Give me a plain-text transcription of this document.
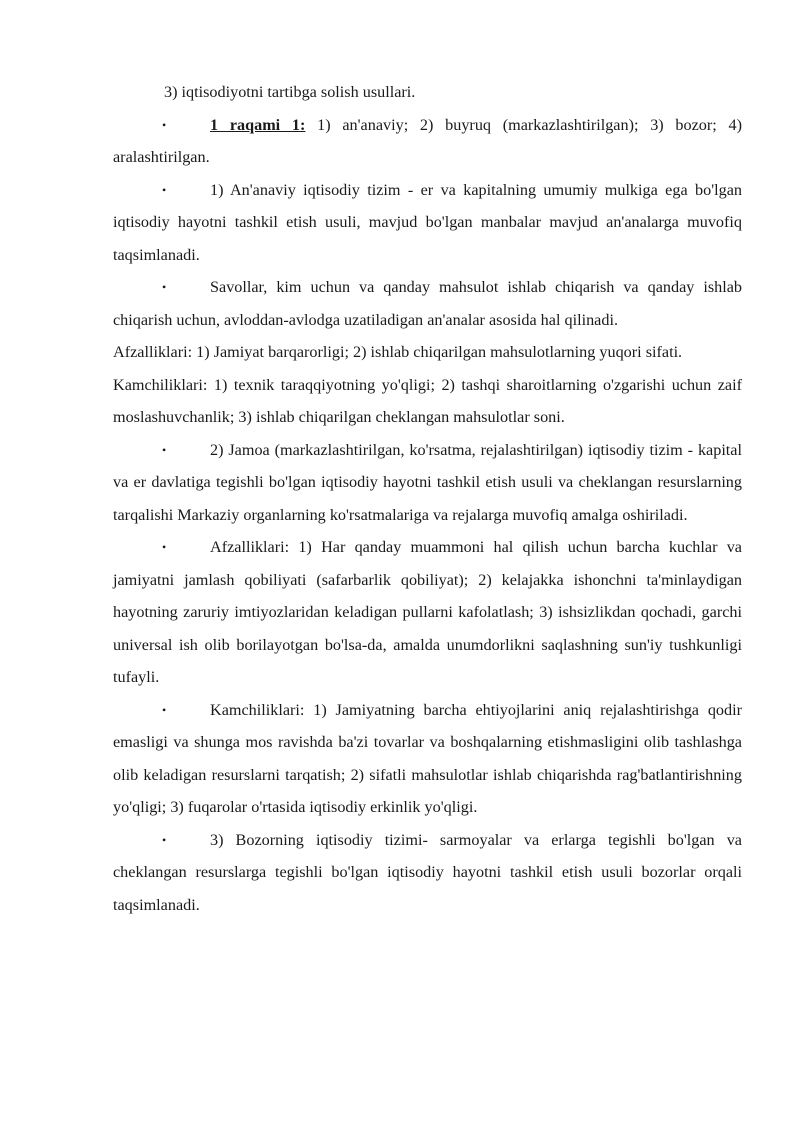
3) iqtisodiyotni tartibga solish usullari.

•	1 raqami 1: 1) an'anaviy; 2) buyruq (markazlashtirilgan); 3) bozor; 4) aralashtirilgan.

•	1) An'anaviy iqtisodiy tizim - er va kapitalning umumiy mulkiga ega bo'lgan iqtisodiy hayotni tashkil etish usuli, mavjud bo'lgan manbalar mavjud an'analarga muvofiq taqsimlanadi.

•	Savollar, kim uchun va qanday mahsulot ishlab chiqarish va qanday ishlab chiqarish uchun, avloddan-avlodga uzatiladigan an'analar asosida hal qilinadi.

Afzalliklari: 1) Jamiyat barqarorligi; 2) ishlab chiqarilgan mahsulotlarning yuqori sifati.

Kamchiliklari: 1) texnik taraqqiyotning yo'qligi; 2) tashqi sharoitlarning o'zgarishi uchun zaif moslashuvchanlik; 3) ishlab chiqarilgan cheklangan mahsulotlar soni.

•	2) Jamoa (markazlashtirilgan, ko'rsatma, rejalashtirilgan) iqtisodiy tizim - kapital va er davlatiga tegishli bo'lgan iqtisodiy hayotni tashkil etish usuli va cheklangan resurslarning tarqalishi Markaziy organlarning ko'rsatmalariga va rejalarga muvofiq amalga oshiriladi.

•	Afzalliklari: 1) Har qanday muammoni hal qilish uchun barcha kuchlar va jamiyatni jamlash qobiliyati (safarbarlik qobiliyat); 2) kelajakka ishonchni ta'minlaydigan hayotning zaruriy imtiyozlaridan keladigan pullarni kafolatlash; 3) ishsizlikdan qochadi, garchi universal ish olib borilayotgan bo'lsa-da, amalda unumdorlikni saqlashning sun'iy tushkunligi tufayli.

•	Kamchiliklari: 1) Jamiyatning barcha ehtiyojlarini aniq rejalashtirishga qodir emasligi va shunga mos ravishda ba'zi tovarlar va boshqalarning etishmasligini olib tashlashga olib keladigan resurslarni tarqatish; 2) sifatli mahsulotlar ishlab chiqarishda rag'batlantirishning yo'qligi; 3) fuqarolar o'rtasida iqtisodiy erkinlik yo'qligi.

•	3) Bozorning iqtisodiy tizimi- sarmoyalar va erlarga tegishli bo'lgan va cheklangan resurslarga tegishli bo'lgan iqtisodiy hayotni tashkil etish usuli bozorlar orqali taqsimlanadi.
